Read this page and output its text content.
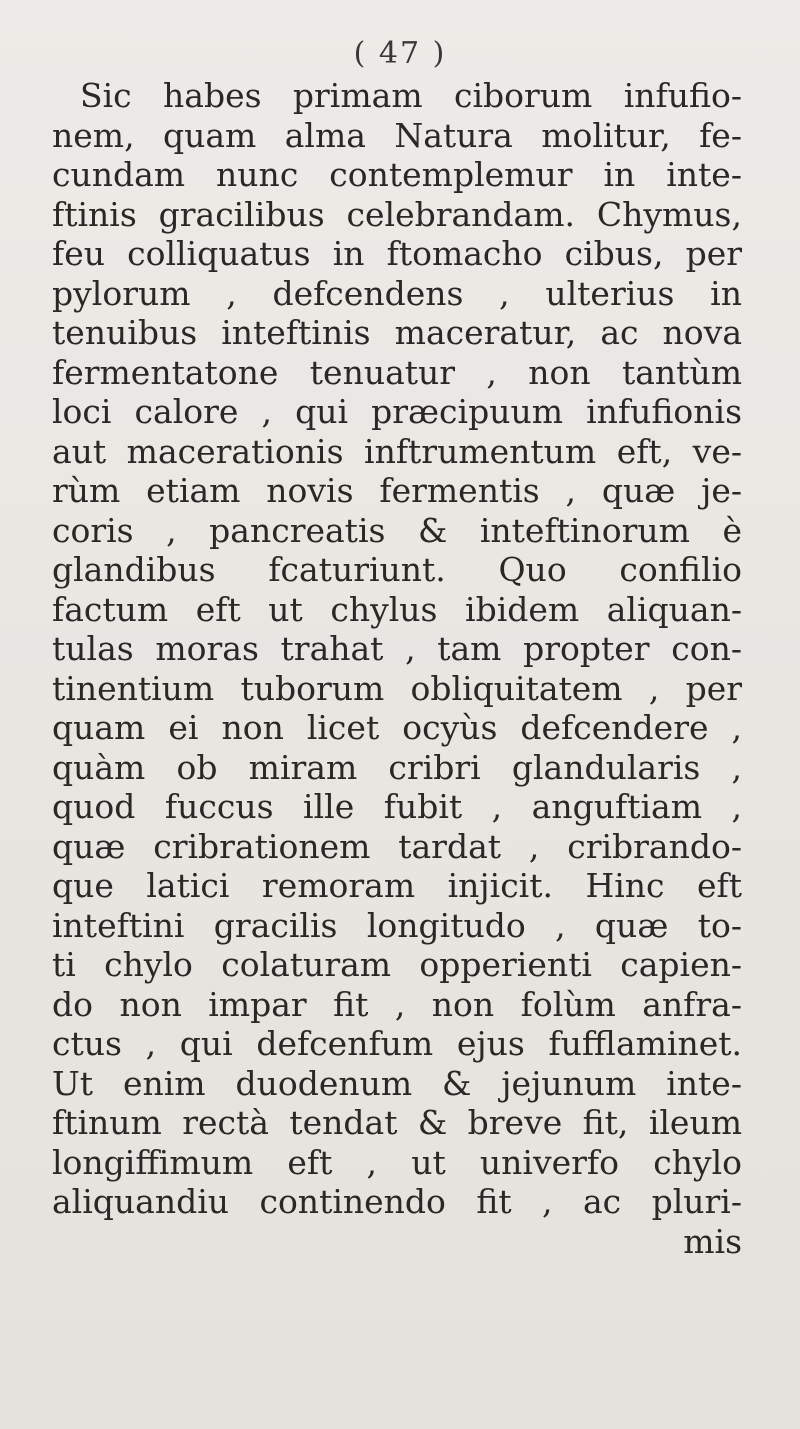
( 47 )
Sic habes primam ciborum infufio-
nem, quam alma Natura molitur, fe-
cundam nunc contemplemur in inte-
ftinis gracilibus celebrandam. Chymus,
feu colliquatus in ftomacho cibus, per
pylorum , defcendens , ulterius in
tenuibus inteftinis maceratur, ac nova
fermentatone tenuatur , non tantùm
loci calore , qui præcipuum infufionis
aut macerationis inftrumentum eft, ve-
rùm etiam novis fermentis , quæ je-
coris , pancreatis & inteftinorum è
glandibus fcaturiunt. Quo confilio
factum eft ut chylus ibidem aliquan-
tulas moras trahat , tam propter con-
tinentium tuborum obliquitatem , per
quam ei non licet ocyùs defcendere ,
quàm ob miram cribri glandularis ,
quod fuccus ille fubit , anguftiam ,
quæ cribrationem tardat , cribrando-
que latici remoram injicit. Hinc eft
inteftini gracilis longitudo , quæ to-
ti chylo colaturam opperienti capien-
do non impar fit , non folùm anfra-
ctus , qui defcenfum ejus fufflaminet.
Ut enim duodenum & jejunum inte-
ftinum rectà tendat & breve fit, ileum
longiffimum eft , ut univerfo chylo
aliquandiu continendo fit , ac pluri-
mis
